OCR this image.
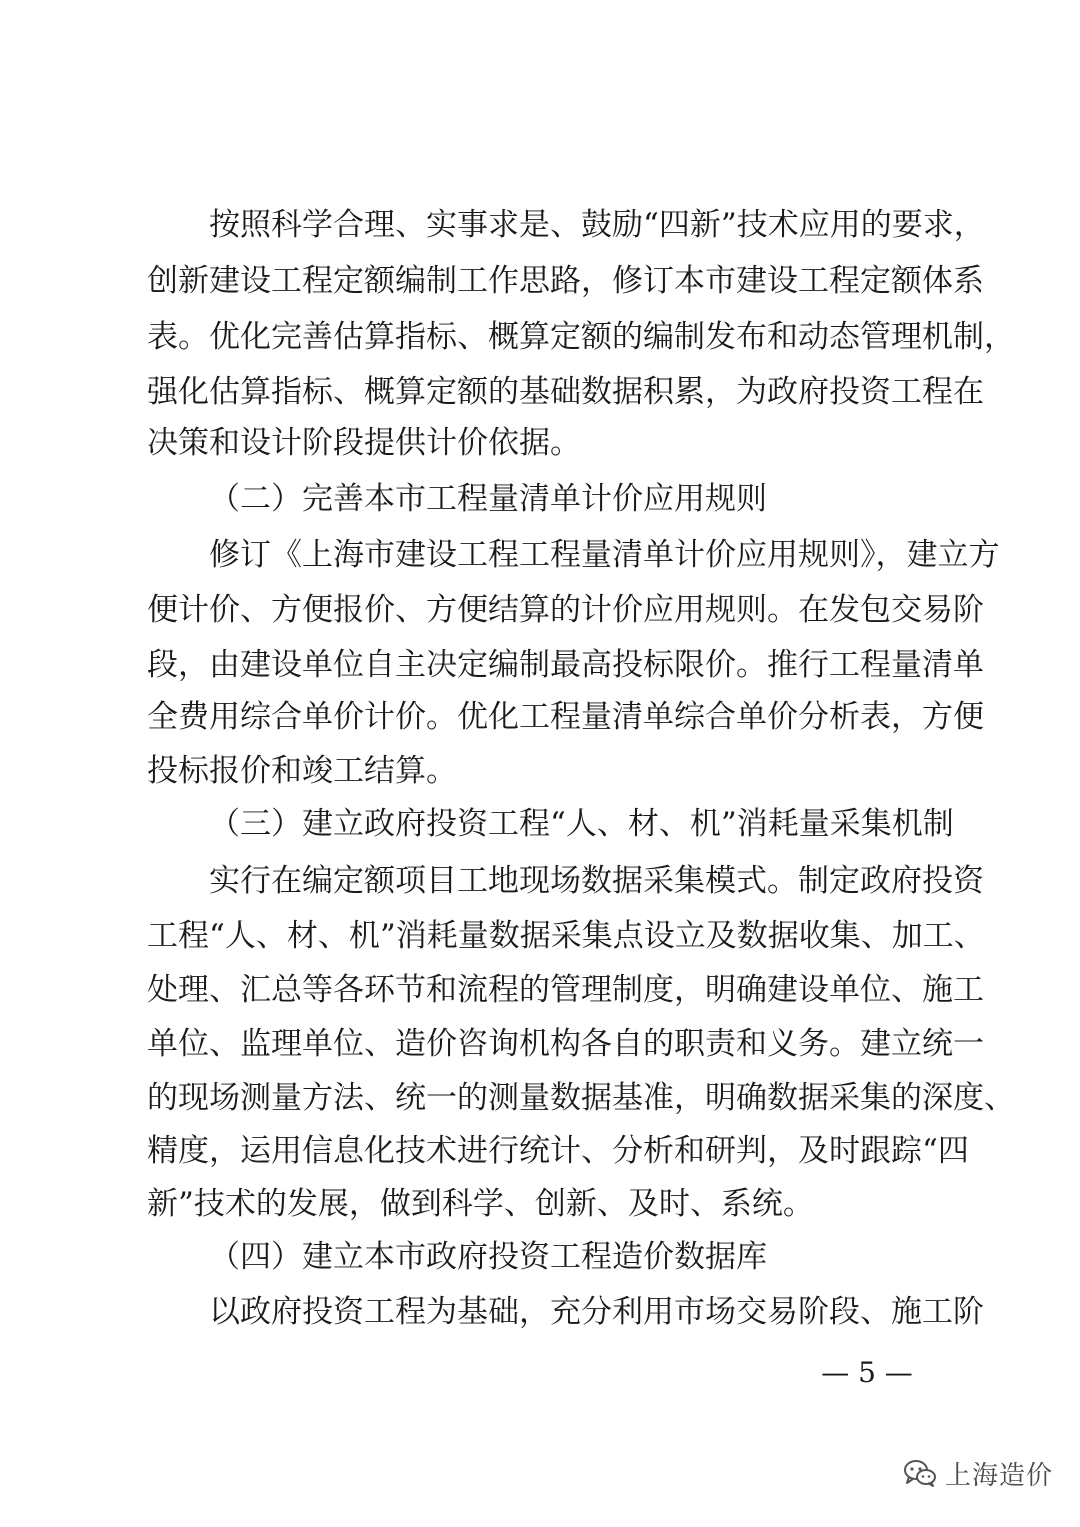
按照科学合理、实事求是、鼓励“四新”技术应用的要求，
创新建设工程定额编制工作思路，修订本市建设工程定额体系
表。优化完善估算指标、概算定额的编制发布和动态管理机制，
强化估算指标、概算定额的基础数据积累，为政府投资工程在
决策和设计阶段提供计价依据。
（二）完善本市工程量清单计价应用规则
修订《上海市建设工程工程量清单计价应用规则》，建立方
便计价、方便报价、方便结算的计价应用规则。在发包交易阶
段，由建设单位自主决定编制最高投标限价。推行工程量清单
全费用综合单价计价。优化工程量清单综合单价分析表，方便
投标报价和竣工结算。
（三）建立政府投资工程“人、材、机”消耗量采集机制
实行在编定额项目工地现场数据采集模式。制定政府投资
工程“人、材、机”消耗量数据采集点设立及数据收集、加工、
处理、汇总等各环节和流程的管理制度，明确建设单位、施工
单位、监理单位、造价咨询机构各自的职责和义务。建立统一
的现场测量方法、统一的测量数据基准，明确数据采集的深度、
精度，运用信息化技术进行统计、分析和研判，及时跟踪“四
新”技术的发展，做到科学、创新、及时、系统。
（四）建立本市政府投资工程造价数据库
以政府投资工程为基础，充分利用市场交易阶段、施工阶
— 5 —
上海造价
